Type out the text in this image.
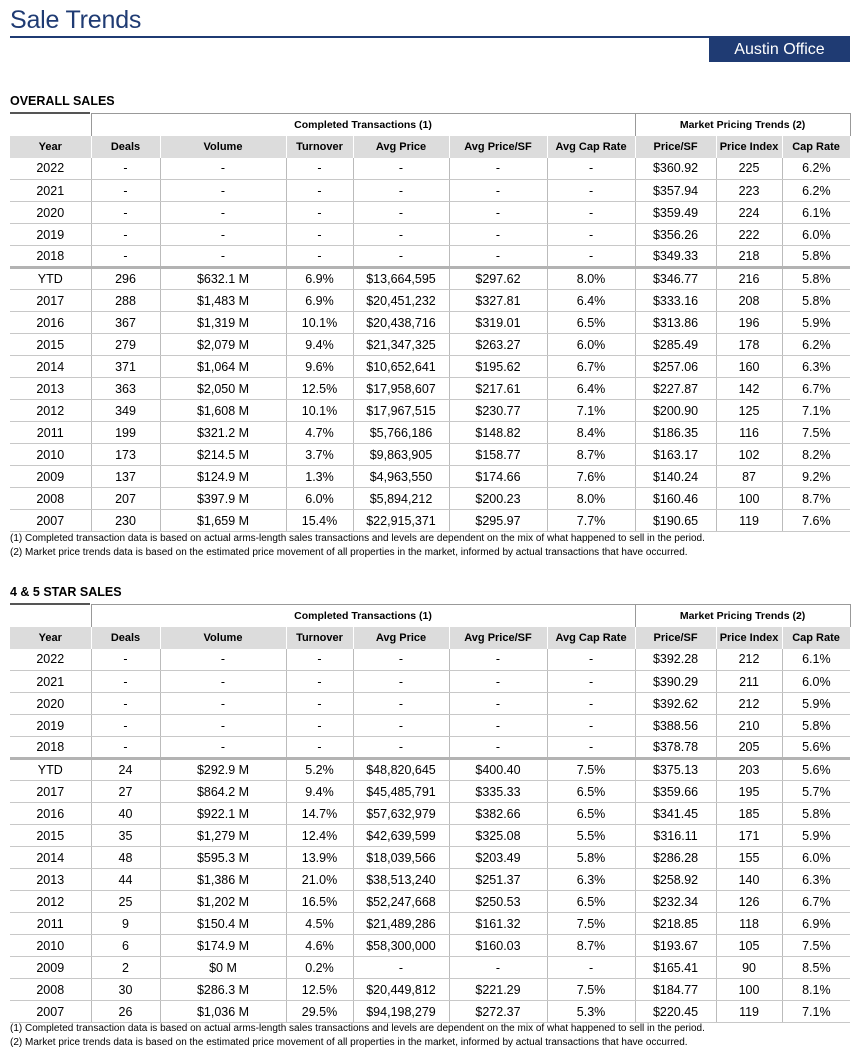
Sale Trends
Austin Office
OVERALL SALES
	Completed Transactions (1)						Market Pricing Trends (2)		
Year	Deals	Volume	Turnover	Avg Price	Avg Price/SF	Avg Cap Rate	Price/SF	Price Index	Cap Rate
2022	-	-	-	-	-	-	$360.92	225	6.2%
2021	-	-	-	-	-	-	$357.94	223	6.2%
2020	-	-	-	-	-	-	$359.49	224	6.1%
2019	-	-	-	-	-	-	$356.26	222	6.0%
2018	-	-	-	-	-	-	$349.33	218	5.8%
YTD	296	$632.1 M	6.9%	$13,664,595	$297.62	8.0%	$346.77	216	5.8%
2017	288	$1,483 M	6.9%	$20,451,232	$327.81	6.4%	$333.16	208	5.8%
2016	367	$1,319 M	10.1%	$20,438,716	$319.01	6.5%	$313.86	196	5.9%
2015	279	$2,079 M	9.4%	$21,347,325	$263.27	6.0%	$285.49	178	6.2%
2014	371	$1,064 M	9.6%	$10,652,641	$195.62	6.7%	$257.06	160	6.3%
2013	363	$2,050 M	12.5%	$17,958,607	$217.61	6.4%	$227.87	142	6.7%
2012	349	$1,608 M	10.1%	$17,967,515	$230.77	7.1%	$200.90	125	7.1%
2011	199	$321.2 M	4.7%	$5,766,186	$148.82	8.4%	$186.35	116	7.5%
2010	173	$214.5 M	3.7%	$9,863,905	$158.77	8.7%	$163.17	102	8.2%
2009	137	$124.9 M	1.3%	$4,963,550	$174.66	7.6%	$140.24	87	9.2%
2008	207	$397.9 M	6.0%	$5,894,212	$200.23	8.0%	$160.46	100	8.7%
2007	230	$1,659 M	15.4%	$22,915,371	$295.97	7.7%	$190.65	119	7.6%
(1) Completed transaction data is based on actual arms-length sales transactions and levels are dependent on the mix of what happened to sell in the period.
(2) Market price trends data is based on the estimated price movement of all properties in the market, informed by actual transactions that have occurred.
4 & 5 STAR SALES
	Completed Transactions (1)						Market Pricing Trends (2)		
Year	Deals	Volume	Turnover	Avg Price	Avg Price/SF	Avg Cap Rate	Price/SF	Price Index	Cap Rate
2022	-	-	-	-	-	-	$392.28	212	6.1%
2021	-	-	-	-	-	-	$390.29	211	6.0%
2020	-	-	-	-	-	-	$392.62	212	5.9%
2019	-	-	-	-	-	-	$388.56	210	5.8%
2018	-	-	-	-	-	-	$378.78	205	5.6%
YTD	24	$292.9 M	5.2%	$48,820,645	$400.40	7.5%	$375.13	203	5.6%
2017	27	$864.2 M	9.4%	$45,485,791	$335.33	6.5%	$359.66	195	5.7%
2016	40	$922.1 M	14.7%	$57,632,979	$382.66	6.5%	$341.45	185	5.8%
2015	35	$1,279 M	12.4%	$42,639,599	$325.08	5.5%	$316.11	171	5.9%
2014	48	$595.3 M	13.9%	$18,039,566	$203.49	5.8%	$286.28	155	6.0%
2013	44	$1,386 M	21.0%	$38,513,240	$251.37	6.3%	$258.92	140	6.3%
2012	25	$1,202 M	16.5%	$52,247,668	$250.53	6.5%	$232.34	126	6.7%
2011	9	$150.4 M	4.5%	$21,489,286	$161.32	7.5%	$218.85	118	6.9%
2010	6	$174.9 M	4.6%	$58,300,000	$160.03	8.7%	$193.67	105	7.5%
2009	2	$0 M	0.2%	-	-	-	$165.41	90	8.5%
2008	30	$286.3 M	12.5%	$20,449,812	$221.29	7.5%	$184.77	100	8.1%
2007	26	$1,036 M	29.5%	$94,198,279	$272.37	5.3%	$220.45	119	7.1%
(1) Completed transaction data is based on actual arms-length sales transactions and levels are dependent on the mix of what happened to sell in the period.
(2) Market price trends data is based on the estimated price movement of all properties in the market, informed by actual transactions that have occurred.
